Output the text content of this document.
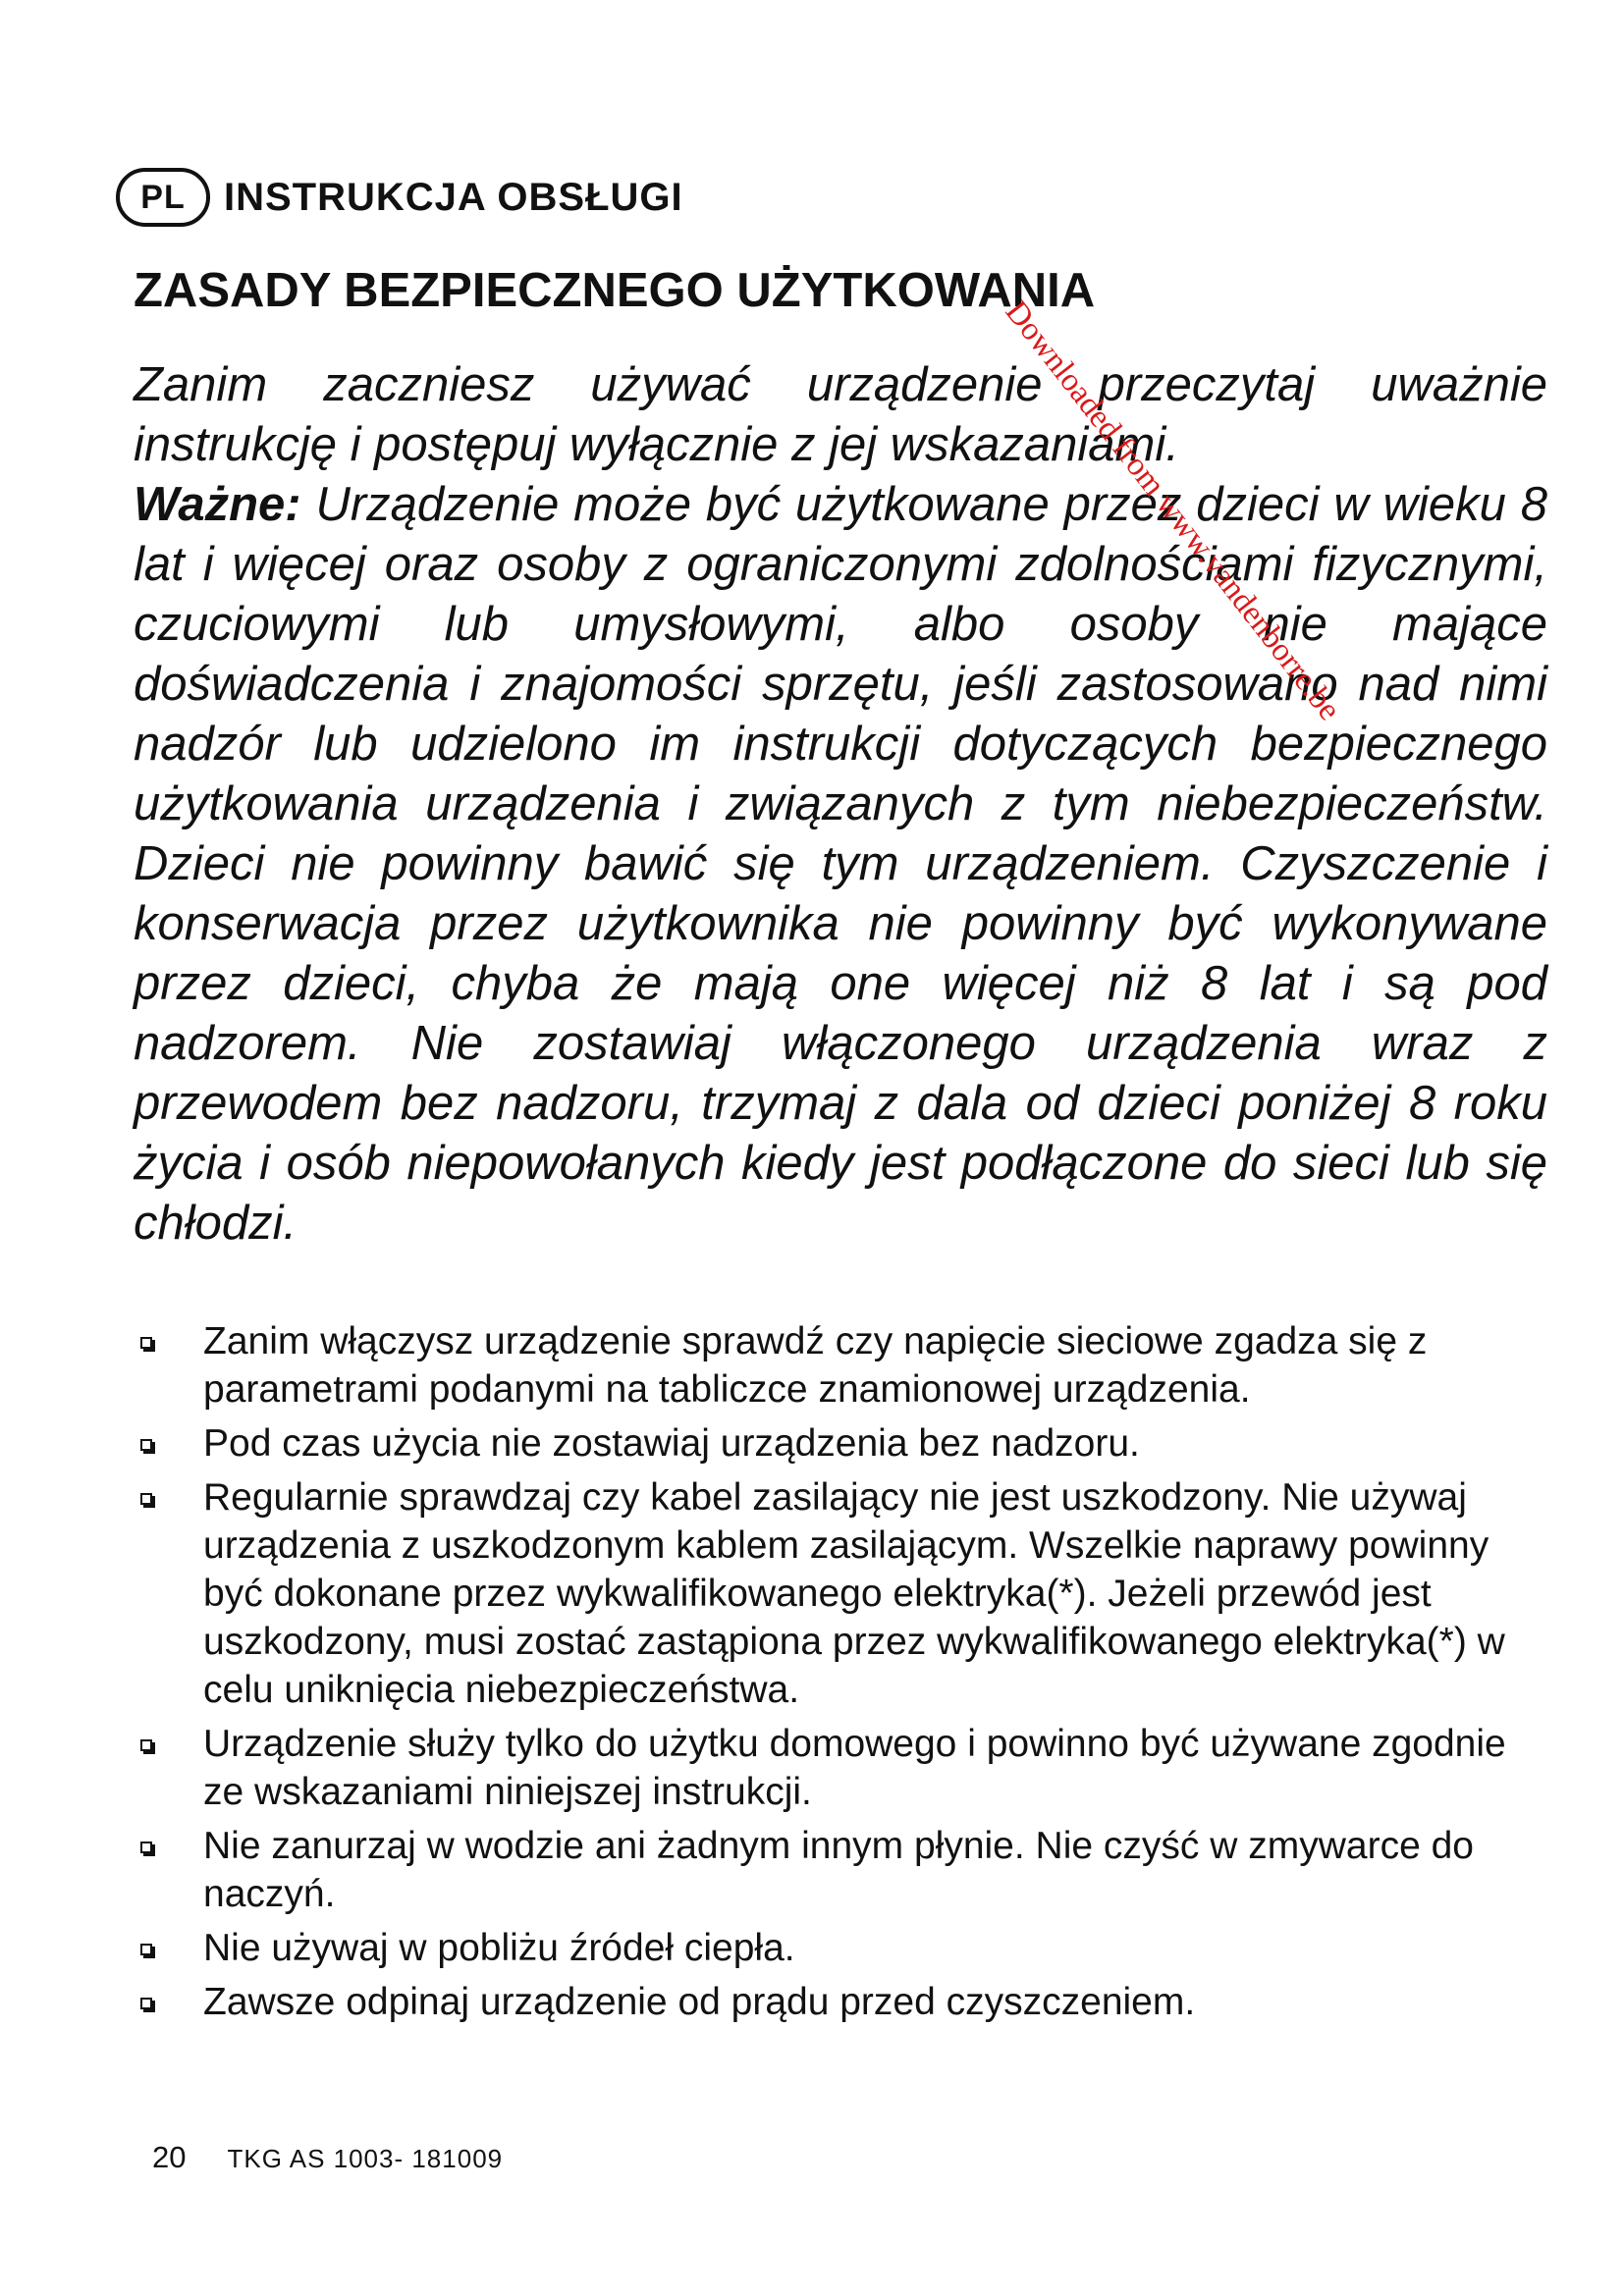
PL INSTRUKCJA OBSŁUGI
ZASADY BEZPIECZNEGO UŻYTKOWANIA

Zanim zaczniesz używać urządzenie przeczytaj uważnie instrukcję i postępuj wyłącznie z jej wskazaniami.
Ważne: Urządzenie może być użytkowane przez dzieci w wieku 8 lat i więcej oraz osoby z ograniczonymi zdolnościami fizycznymi, czuciowymi lub umysłowymi, albo osoby nie mające doświadczenia i znajomości sprzętu, jeśli zastosowano nad nimi nadzór lub udzielono im instrukcji dotyczących bezpiecznego użytkowania urządzenia i związanych z tym niebezpieczeństw. Dzieci nie powinny bawić się tym urządzeniem. Czyszczenie i konserwacja przez użytkownika nie powinny być wykonywane przez dzieci, chyba że mają one więcej niż 8 lat i są pod nadzorem. Nie zostawiaj włączonego urządzenia wraz z przewodem bez nadzoru, trzymaj z dala od dzieci poniżej 8 roku życia i osób niepowołanych kiedy jest podłączone do sieci lub się chłodzi.

Zanim włączysz urządzenie sprawdź czy napięcie sieciowe zgadza się z parametrami podanymi na tabliczce znamionowej urządzenia.
Pod czas użycia nie zostawiaj urządzenia bez nadzoru.
Regularnie sprawdzaj czy kabel zasilający nie jest uszkodzony. Nie używaj urządzenia z uszkodzonym kablem zasilającym. Wszelkie naprawy powinny być dokonane przez wykwalifikowanego elektryka(*). Jeżeli przewód jest uszkodzony, musi zostać zastąpiona przez wykwalifikowanego elektryka(*) w celu uniknięcia niebezpieczeństwa.
Urządzenie służy tylko do użytku domowego i powinno być używane zgodnie ze wskazaniami niniejszej instrukcji.
Nie zanurzaj w wodzie ani żadnym innym płynie. Nie czyść w zmywarce do naczyń.
Nie używaj w pobliżu źródeł ciepła.
Zawsze odpinaj urządzenie od prądu przed czyszczeniem.
20 TKG AS 1003- 181009
Downloaded from www.vandenborre.be
